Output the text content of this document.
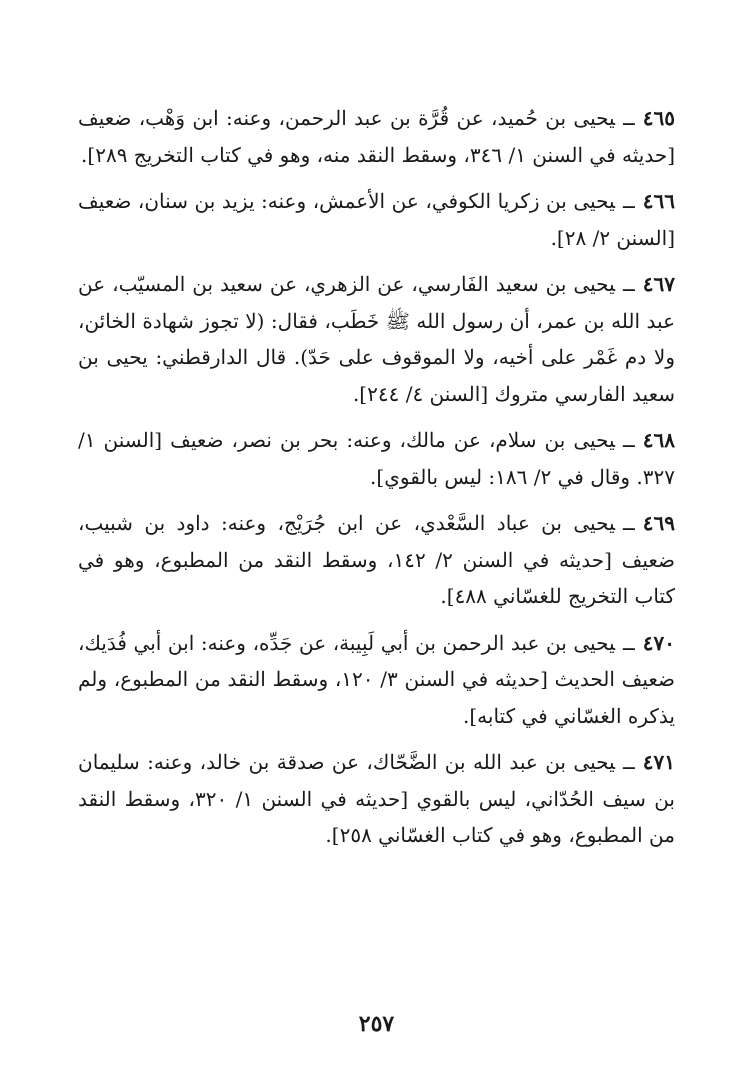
٤٦٥ــيحيى بن حُميد، عن قُرَّة بن عبد الرحمن، وعنه: ابن وَهْب، ضعيف [حديثه في السنن ١/ ٣٤٦، وسقط النقد منه، وهو في كتاب التخريج ٢٨٩].

٤٦٦ــيحيى بن زكريا الكوفي، عن الأعمش، وعنه: يزيد بن سنان، ضعيف [السنن ٢/ ٢٨].

٤٦٧ــيحيى بن سعيد الفَارسي، عن الزهري، عن سعيد بن المسيّب، عن عبد الله بن عمر، أن رسول الله ﷺ خَطَب، فقال: (لا تجوز شهادة الخائن، ولا دم غَمْر على أخيه، ولا الموقوف على حَدّ). قال الدارقطني: يحيى بن سعيد الفارسي متروك [السنن ٤/ ٢٤٤].

٤٦٨ــيحيى بن سلام، عن مالك، وعنه: بحر بن نصر، ضعيف [السنن ١/ ٣٢٧. وقال في ٢/ ١٨٦: ليس بالقوي].

٤٦٩ــيحيى بن عباد السَّعْدي، عن ابن جُرَيْج، وعنه: داود بن شبيب، ضعيف [حديثه في السنن ٢/ ١٤٢، وسقط النقد من المطبوع، وهو في كتاب التخريج للغسّاني ٤٨٨].

٤٧٠ــيحيى بن عبد الرحمن بن أبي لَبِيبة، عن جَدِّه، وعنه: ابن أبي فُدَيك، ضعيف الحديث [حديثه في السنن ٣/ ١٢٠، وسقط النقد من المطبوع، ولم يذكره الغسّاني في كتابه].

٤٧١ــيحيى بن عبد الله بن الضَّحّاك، عن صدقة بن خالد، وعنه: سليمان بن سيف الحُدّاني، ليس بالقوي [حديثه في السنن ١/ ٣٢٠، وسقط النقد من المطبوع، وهو في كتاب الغسّاني ٢٥٨].

٢٥٧
